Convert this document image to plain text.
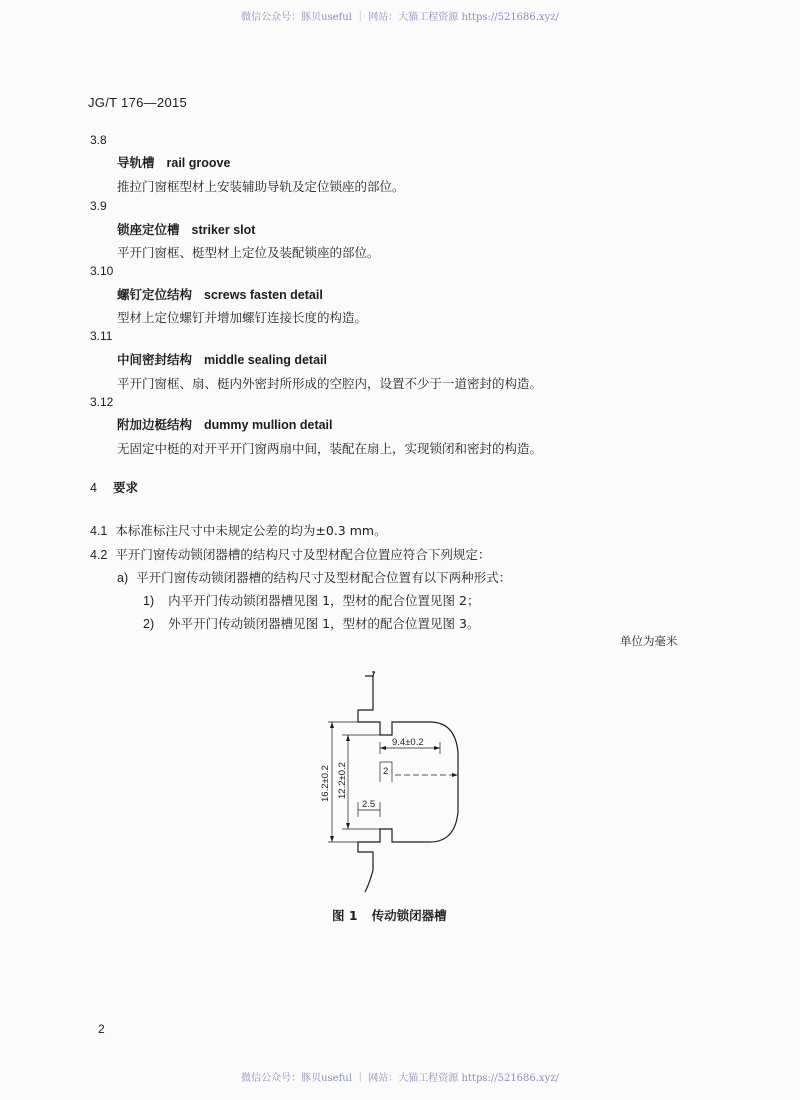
微信公众号：豚贝useful ｜ 网站：大猫工程资源 https://521686.xyz/
JG/T 176—2015
3.8
导轨槽 rail groove
推拉门窗框型材上安装辅助导轨及定位锁座的部位。
3.9
锁座定位槽 striker slot
平开门窗框、梃型材上定位及装配锁座的部位。
3.10
螺钉定位结构 screws fasten detail
型材上定位螺钉并增加螺钉连接长度的构造。
3.11
中间密封结构 middle sealing detail
平开门窗框、扇、梃内外密封所形成的空腔内，设置不少于一道密封的构造。
3.12
附加边梃结构 dummy mullion detail
无固定中梃的对开平开门窗两扇中间，装配在扇上，实现锁闭和密封的构造。
4 要求
4.1 本标准标注尺寸中未规定公差的均为±0.3 mm。
4.2 平开门窗传动锁闭器槽的结构尺寸及型材配合位置应符合下列规定：
a) 平开门窗传动锁闭器槽的结构尺寸及型材配合位置有以下两种形式：
1) 内平开门传动锁闭器槽见图 1，型材的配合位置见图 2；
2) 外平开门传动锁闭器槽见图 1，型材的配合位置见图 3。
单位为毫米
16.2±0.2 12.2±0.2
9.4±0.2
2
2.5
图 1 传动锁闭器槽
2
微信公众号：豚贝useful ｜ 网站：大猫工程资源 https://521686.xyz/
